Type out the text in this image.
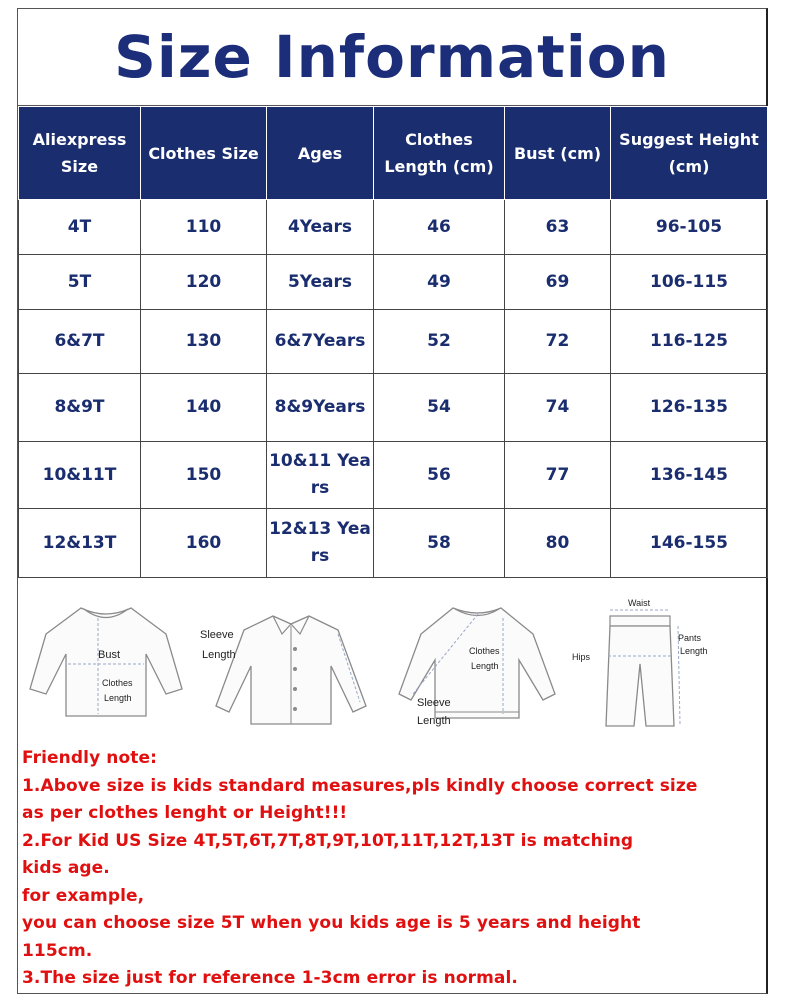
Size Information
Aliexpress Size	Clothes Size	Ages	Clothes Length (cm)	Bust (cm)	Suggest Height (cm)
4T	110	4Years	46	63	96-105
5T	120	5Years	49	69	106-115
6&7T	130	6&7Years	52	72	116-125
8&9T	140	8&9Years	54	74	126-135
10&11T	150	10&11 Years	56	77	136-145
12&13T	160	12&13 Years	58	80	146-155
Bust
Clothes
Length
Sleeve
Length	Clothes
Length
Sleeve
Length
Waist
Hips
Pants
Length

Friendly note:

1.Above size is kids standard measures,pls kindly choose correct size

as per clothes lenght or Height!!!

2.For Kid US Size 4T,5T,6T,7T,8T,9T,10T,11T,12T,13T is matching

kids age.

for example,

you can choose size 5T when you kids age is 5 years and height

115cm.

3.The size just for reference 1-3cm error is normal.
